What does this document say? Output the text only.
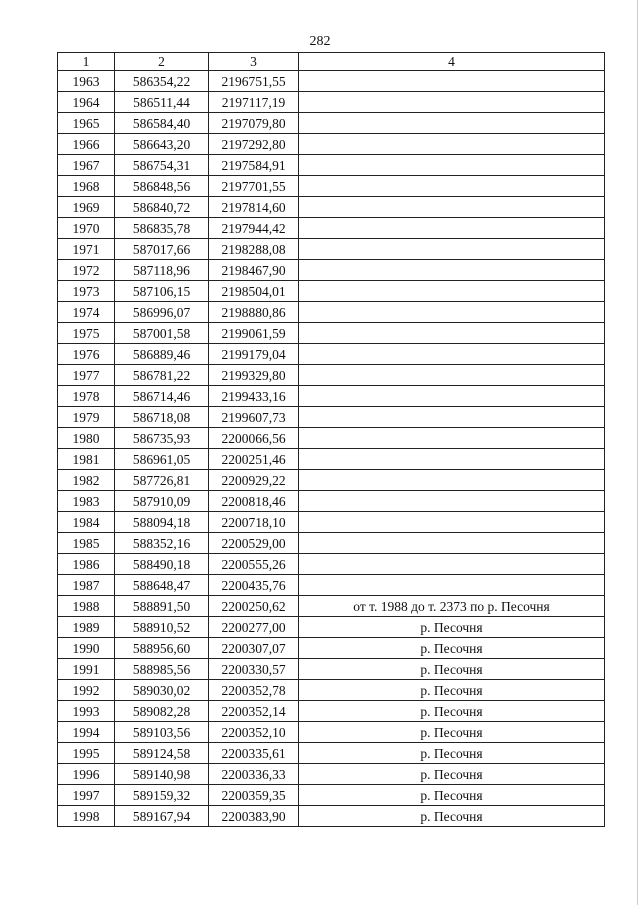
282
1	2	3	4
1963	586354,22	2196751,55	
1964	586511,44	2197117,19	
1965	586584,40	2197079,80	
1966	586643,20	2197292,80	
1967	586754,31	2197584,91	
1968	586848,56	2197701,55	
1969	586840,72	2197814,60	
1970	586835,78	2197944,42	
1971	587017,66	2198288,08	
1972	587118,96	2198467,90	
1973	587106,15	2198504,01	
1974	586996,07	2198880,86	
1975	587001,58	2199061,59	
1976	586889,46	2199179,04	
1977	586781,22	2199329,80	
1978	586714,46	2199433,16	
1979	586718,08	2199607,73	
1980	586735,93	2200066,56	
1981	586961,05	2200251,46	
1982	587726,81	2200929,22	
1983	587910,09	2200818,46	
1984	588094,18	2200718,10	
1985	588352,16	2200529,00	
1986	588490,18	2200555,26	
1987	588648,47	2200435,76	
1988	588891,50	2200250,62	от т. 1988 до т. 2373 по р. Песочня
1989	588910,52	2200277,00	р. Песочня
1990	588956,60	2200307,07	р. Песочня
1991	588985,56	2200330,57	р. Песочня
1992	589030,02	2200352,78	р. Песочня
1993	589082,28	2200352,14	р. Песочня
1994	589103,56	2200352,10	р. Песочня
1995	589124,58	2200335,61	р. Песочня
1996	589140,98	2200336,33	р. Песочня
1997	589159,32	2200359,35	р. Песочня
1998	589167,94	2200383,90	р. Песочня
